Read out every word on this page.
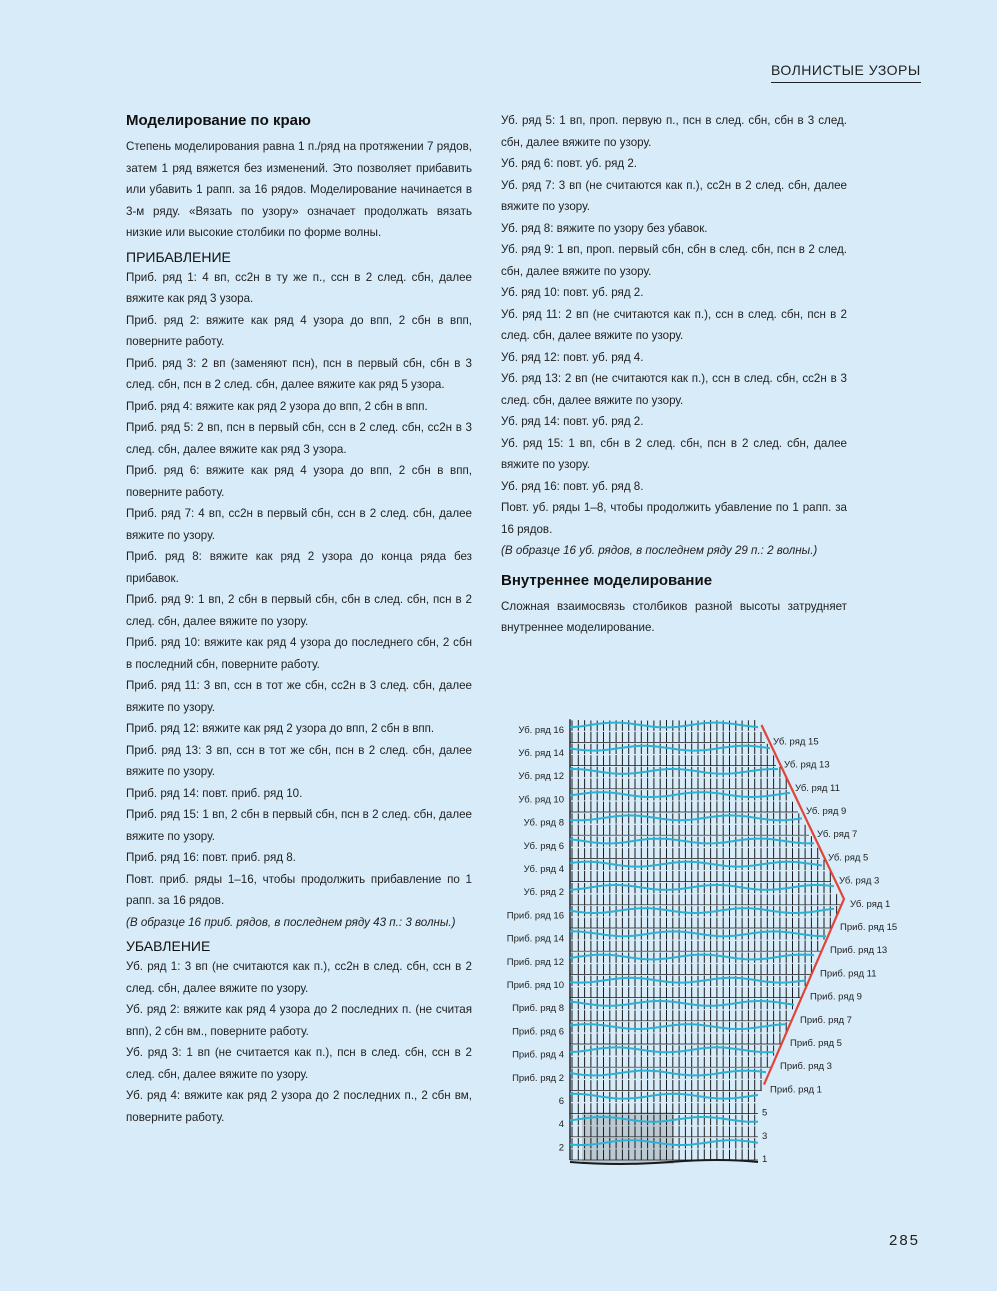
ВОЛНИСТЫЕ УЗОРЫ
Моделирование по краю

Степень моделирования равна 1 п./ряд на протяжении 7 рядов, затем 1 ряд вяжется без изменений. Это позволяет прибавить или убавить 1 рапп. за 16 рядов. Моделирование начинается в 3-м ряду. «Вязать по узору» означает продолжать вязать низкие или высокие столбики по форме волны.

ПРИБАВЛЕНИЕ

Приб. ряд 1: 4 вп, сс2н в ту же п., ссн в 2 след. сбн, далее вяжите как ряд 3 узора.

Приб. ряд 2: вяжите как ряд 4 узора до впп, 2 сбн в впп, поверните работу.

Приб. ряд 3: 2 вп (заменяют псн), псн в первый сбн, сбн в 3 след. сбн, псн в 2 след. сбн, далее вяжите как ряд 5 узора.

Приб. ряд 4: вяжите как ряд 2 узора до впп, 2 сбн в впп.

Приб. ряд 5: 2 вп, псн в первый сбн, ссн в 2 след. сбн, сс2н в 3 след. сбн, далее вяжите как ряд 3 узора.

Приб. ряд 6: вяжите как ряд 4 узора до впп, 2 сбн в впп, поверните работу.

Приб. ряд 7: 4 вп, сс2н в первый сбн, ссн в 2 след. сбн, далее вяжите по узору.

Приб. ряд 8: вяжите как ряд 2 узора до конца ряда без прибавок.

Приб. ряд 9: 1 вп, 2 сбн в первый сбн, сбн в след. сбн, псн в 2 след. сбн, далее вяжите по узору.

Приб. ряд 10: вяжите как ряд 4 узора до последнего сбн, 2 сбн в последний сбн, поверните работу.

Приб. ряд 11: 3 вп, ссн в тот же сбн, сс2н в 3 след. сбн, далее вяжите по узору.

Приб. ряд 12: вяжите как ряд 2 узора до впп, 2 сбн в впп.

Приб. ряд 13: 3 вп, ссн в тот же сбн, псн в 2 след. сбн, далее вяжите по узору.

Приб. ряд 14: повт. приб. ряд 10.

Приб. ряд 15: 1 вп, 2 сбн в первый сбн, псн в 2 след. сбн, далее вяжите по узору.

Приб. ряд 16: повт. приб. ряд 8.

Повт. приб. ряды 1–16, чтобы продолжить прибавление по 1 рапп. за 16 рядов.

(В образце 16 приб. рядов, в последнем ряду 43 п.: 3 волны.)

УБАВЛЕНИЕ

Уб. ряд 1: 3 вп (не считаются как п.), сс2н в след. сбн, ссн в 2 след. сбн, далее вяжите по узору.

Уб. ряд 2: вяжите как ряд 4 узора до 2 последних п. (не считая впп), 2 сбн вм., поверните работу.

Уб. ряд 3: 1 вп (не считается как п.), псн в след. сбн, ссн в 2 след. сбн, далее вяжите по узору.

Уб. ряд 4: вяжите как ряд 2 узора до 2 последних п., 2 сбн вм, поверните работу.

Уб. ряд 5: 1 вп, проп. первую п., псн в след. сбн, сбн в 3 след. сбн, далее вяжите по узору.

Уб. ряд 6: повт. уб. ряд 2.

Уб. ряд 7: 3 вп (не считаются как п.), сс2н в 2 след. сбн, далее вяжите по узору.

Уб. ряд 8: вяжите по узору без убавок.

Уб. ряд 9: 1 вп, проп. первый сбн, сбн в след. сбн, псн в 2 след. сбн, далее вяжите по узору.

Уб. ряд 10: повт. уб. ряд 2.

Уб. ряд 11: 2 вп (не считаются как п.), ссн в след. сбн, псн в 2 след. сбн, далее вяжите по узору.

Уб. ряд 12: повт. уб. ряд 4.

Уб. ряд 13: 2 вп (не считаются как п.), ссн в след. сбн, сс2н в 3 след. сбн, далее вяжите по узору.

Уб. ряд 14: повт. уб. ряд 2.

Уб. ряд 15: 1 вп, сбн в 2 след. сбн, псн в 2 след. сбн, далее вяжите по узору.

Уб. ряд 16: повт. уб. ряд 8.

Повт. уб. ряды 1–8, чтобы продолжить убавление по 1 рапп. за 16 рядов.

(В образце 16 уб. рядов, в последнем ряду 29 п.: 2 волны.)

Внутреннее моделирование

Сложная взаимосвязь столбиков разной высоты затрудняет внутреннее моделирование.

Уб. ряд 16
Уб. ряд 14
Уб. ряд 12
Уб. ряд 10
Уб. ряд 8
Уб. ряд 6
Уб. ряд 4
Уб. ряд 2
Приб. ряд 16
Приб. ряд 14
Приб. ряд 12
Приб. ряд 10
Приб. ряд 8
Приб. ряд 6
Приб. ряд 4
Приб. ряд 2
6
4
2
Уб. ряд 15
Уб. ряд 13
Уб. ряд 11
Уб. ряд 9
Уб. ряд 7
Уб. ряд 5
Уб. ряд 3
Уб. ряд 1
Приб. ряд 15
Приб. ряд 13
Приб. ряд 11
Приб. ряд 9
Приб. ряд 7
Приб. ряд 5
Приб. ряд 3
Приб. ряд 1
5
3
1
285
